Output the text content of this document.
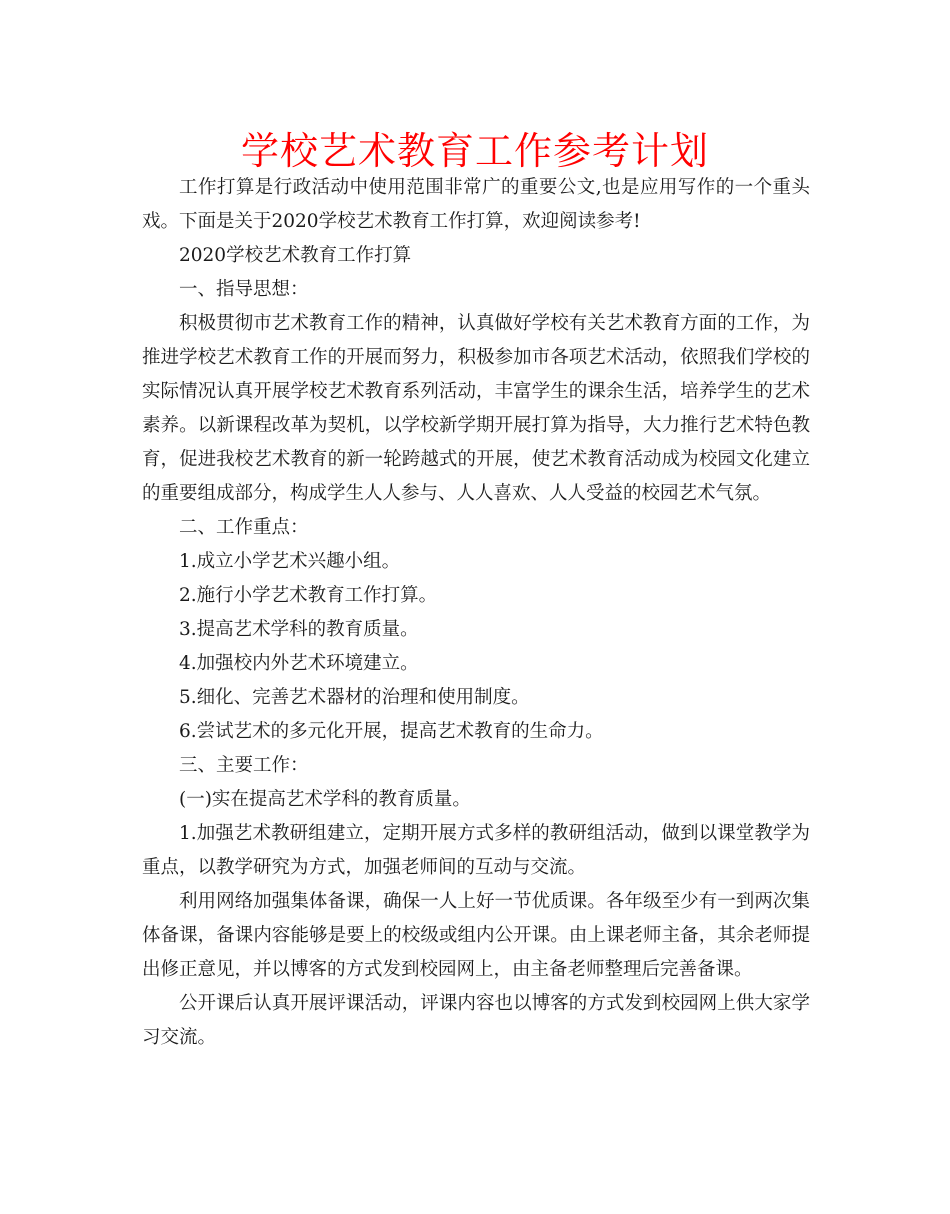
学校艺术教育工作参考计划

工作打算是行政活动中使用范围非常广的重要公文,也是应用写作的一个重头戏。下面是关于2020学校艺术教育工作打算，欢迎阅读参考!

2020学校艺术教育工作打算

一、指导思想：

积极贯彻市艺术教育工作的精神，认真做好学校有关艺术教育方面的工作，为推进学校艺术教育工作的开展而努力，积极参加市各项艺术活动，依照我们学校的实际情况认真开展学校艺术教育系列活动，丰富学生的课余生活，培养学生的艺术素养。以新课程改革为契机，以学校新学期开展打算为指导，大力推行艺术特色教育，促进我校艺术教育的新一轮跨越式的开展，使艺术教育活动成为校园文化建立的重要组成部分，构成学生人人参与、人人喜欢、人人受益的校园艺术气氛。

二、工作重点：

1.成立小学艺术兴趣小组。

2.施行小学艺术教育工作打算。

3.提高艺术学科的教育质量。

4.加强校内外艺术环境建立。

5.细化、完善艺术器材的治理和使用制度。

6.尝试艺术的多元化开展，提高艺术教育的生命力。

三、主要工作：

(一)实在提高艺术学科的教育质量。

1.加强艺术教研组建立，定期开展方式多样的教研组活动，做到以课堂教学为重点，以教学研究为方式，加强老师间的互动与交流。

利用网络加强集体备课，确保一人上好一节优质课。各年级至少有一到两次集体备课，备课内容能够是要上的校级或组内公开课。由上课老师主备，其余老师提出修正意见，并以博客的方式发到校园网上，由主备老师整理后完善备课。

公开课后认真开展评课活动，评课内容也以博客的方式发到校园网上供大家学习交流。
